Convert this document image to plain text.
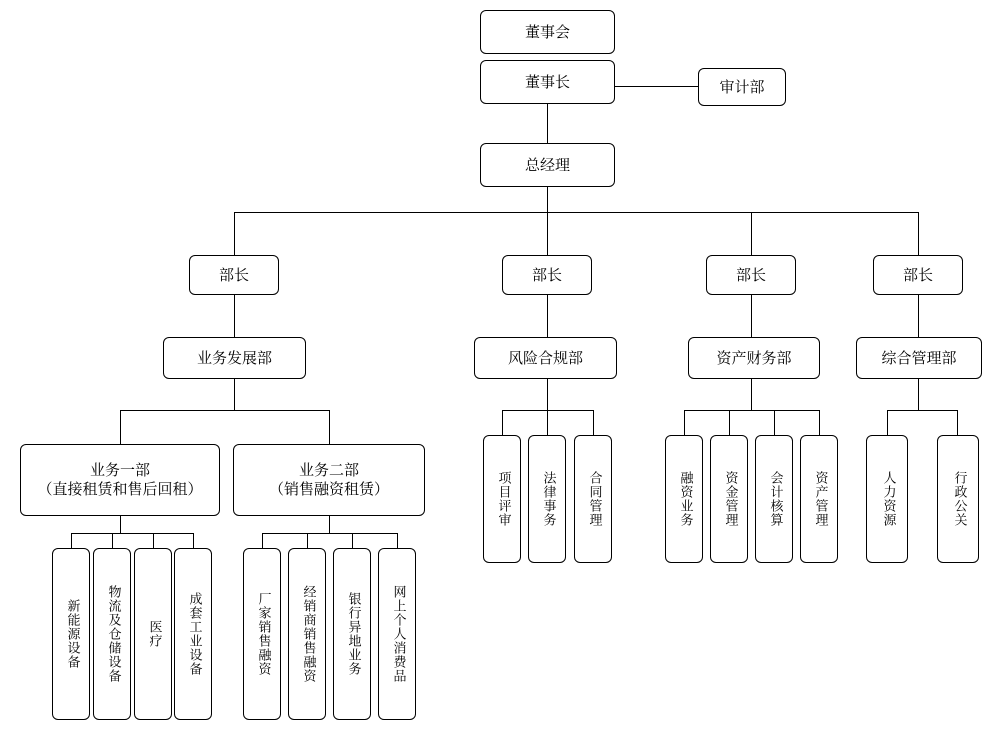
董事会
董事长	审计部
总经理
部长	部长	部长	部长
业务发展部	风险合规部	资产财务部	综合管理部
业务一部
（直接租赁和售后回租）
业务二部
（销售融资租赁）
新能源设备 物流及仓储设备 医疗 成套工业设备	厂家销售融资 经销商销售融资 银行异地业务 网上个人消费品
项目评审 法律事务 合同管理	融资业务 资金管理 会计核算 资产管理	人力资源	行政公关
